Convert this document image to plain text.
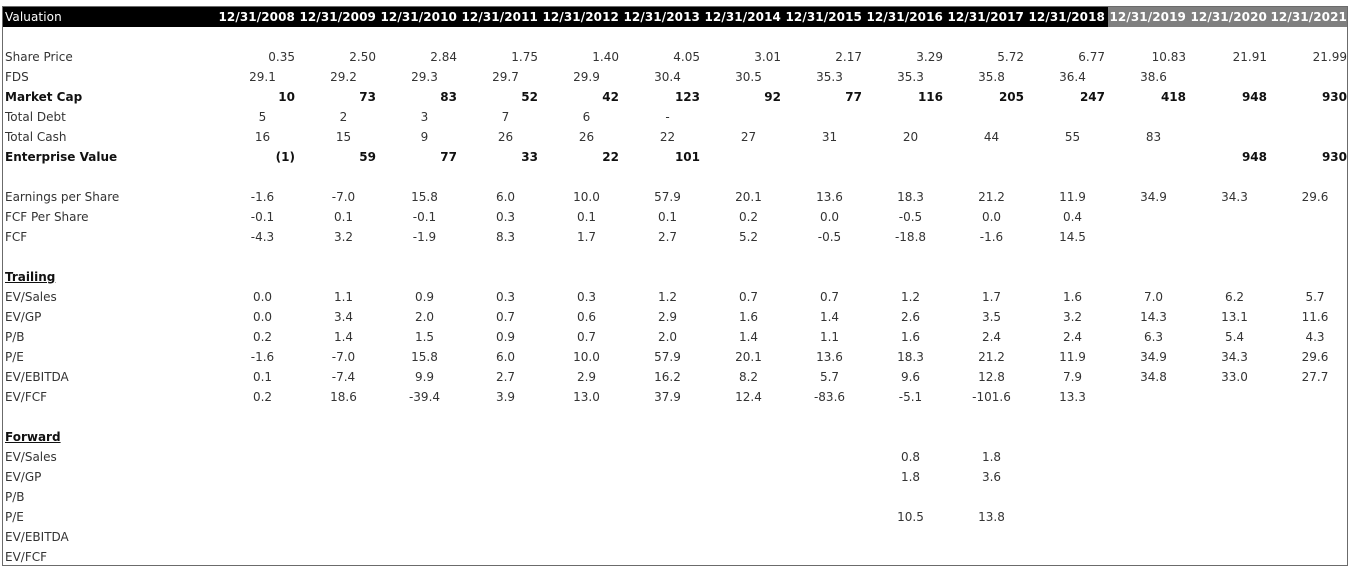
Valuation	12/31/2008	12/31/2009	12/31/2010	12/31/2011	12/31/2012	12/31/2013	12/31/2014	12/31/2015	12/31/2016	12/31/2017	12/31/2018	12/31/2019	12/31/2020	12/31/2021

Share Price	0.35	2.50	2.84	1.75	1.40	4.05	3.01	2.17	3.29	5.72	6.77	10.83	21.91	21.99
FDS	29.1	29.2	29.3	29.7	29.9	30.4	30.5	35.3	35.3	35.8	36.4	38.6		
Market Cap	10	73	83	52	42	123	92	77	116	205	247	418	948	930
Total Debt	5	2	3	7	6	-								
Total Cash	16	15	9	26	26	22	27	31	20	44	55	83		
Enterprise Value	(1)	59	77	33	22	101							948	930

Earnings per Share	-1.6	-7.0	15.8	6.0	10.0	57.9	20.1	13.6	18.3	21.2	11.9	34.9	34.3	29.6
FCF Per Share	-0.1	0.1	-0.1	0.3	0.1	0.1	0.2	0.0	-0.5	0.0	0.4			
FCF	-4.3	3.2	-1.9	8.3	1.7	2.7	5.2	-0.5	-18.8	-1.6	14.5			

Trailing														
EV/Sales	0.0	1.1	0.9	0.3	0.3	1.2	0.7	0.7	1.2	1.7	1.6	7.0	6.2	5.7
EV/GP	0.0	3.4	2.0	0.7	0.6	2.9	1.6	1.4	2.6	3.5	3.2	14.3	13.1	11.6
P/B	0.2	1.4	1.5	0.9	0.7	2.0	1.4	1.1	1.6	2.4	2.4	6.3	5.4	4.3
P/E	-1.6	-7.0	15.8	6.0	10.0	57.9	20.1	13.6	18.3	21.2	11.9	34.9	34.3	29.6
EV/EBITDA	0.1	-7.4	9.9	2.7	2.9	16.2	8.2	5.7	9.6	12.8	7.9	34.8	33.0	27.7
EV/FCF	0.2	18.6	-39.4	3.9	13.0	37.9	12.4	-83.6	-5.1	-101.6	13.3			

Forward														
EV/Sales									0.8	1.8				
EV/GP									1.8	3.6				
P/B														
P/E									10.5	13.8				
EV/EBITDA														
EV/FCF														
